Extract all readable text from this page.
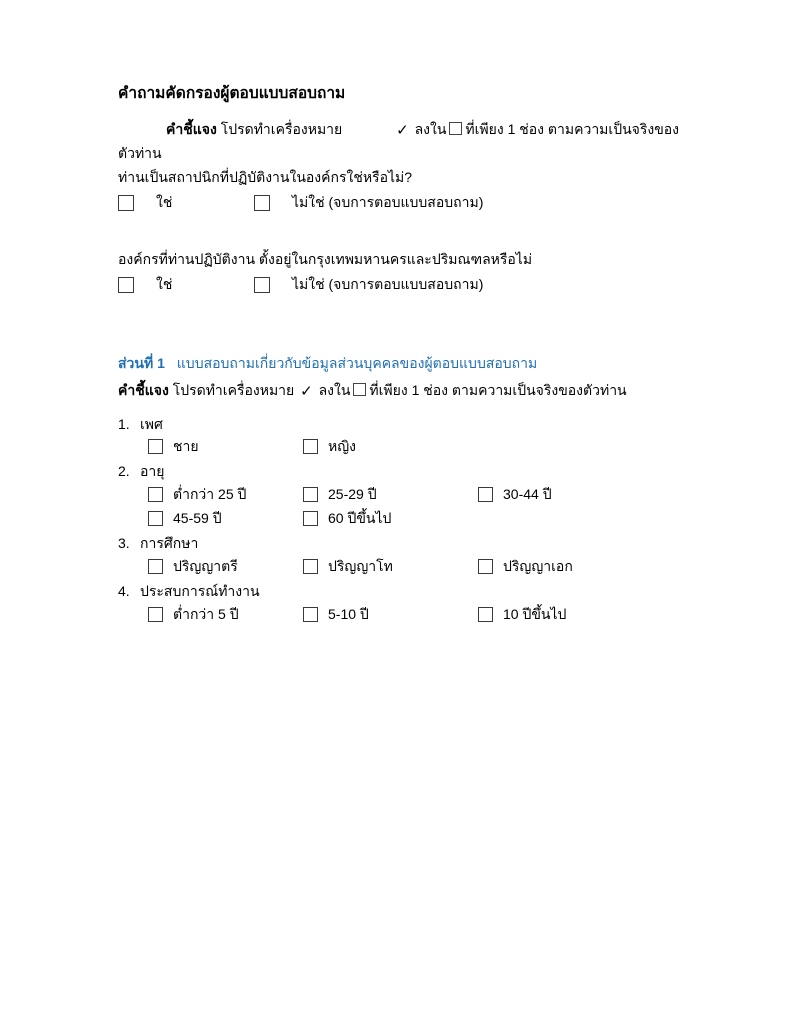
คำถามคัดกรองผู้ตอบแบบสอบถาม

คำชี้แจง โปรดทำเครื่องหมาย	✓ ลงใน ที่เพียง 1 ช่อง ตามความเป็นจริงของตัวท่าน

ท่านเป็นสถาปนิกที่ปฏิบัติงานในองค์กรใช่หรือไม่?

ใช่	ไม่ใช่ (จบการตอบแบบสอบถาม)

องค์กรที่ท่านปฏิบัติงาน ตั้งอยู่ในกรุงเทพมหานครและปริมณฑลหรือไม่

ใช่	ไม่ใช่ (จบการตอบแบบสอบถาม)

ส่วนที่ 1 แบบสอบถามเกี่ยวกับข้อมูลส่วนบุคคลของผู้ตอบแบบสอบถาม

คำชี้แจง โปรดทำเครื่องหมาย ✓ ลงใน ที่เพียง 1 ช่อง ตามความเป็นจริงของตัวท่าน

1. เพศ
ชาย	หญิง
2. อายุ
ต่ำกว่า 25 ปี	25-29 ปี	30-44 ปี
45-59 ปี	60 ปีขึ้นไป
3. การศึกษา
ปริญญาตรี	ปริญญาโท	ปริญญาเอก
4. ประสบการณ์ทำงาน
ต่ำกว่า 5 ปี	5-10 ปี	10 ปีขึ้นไป
